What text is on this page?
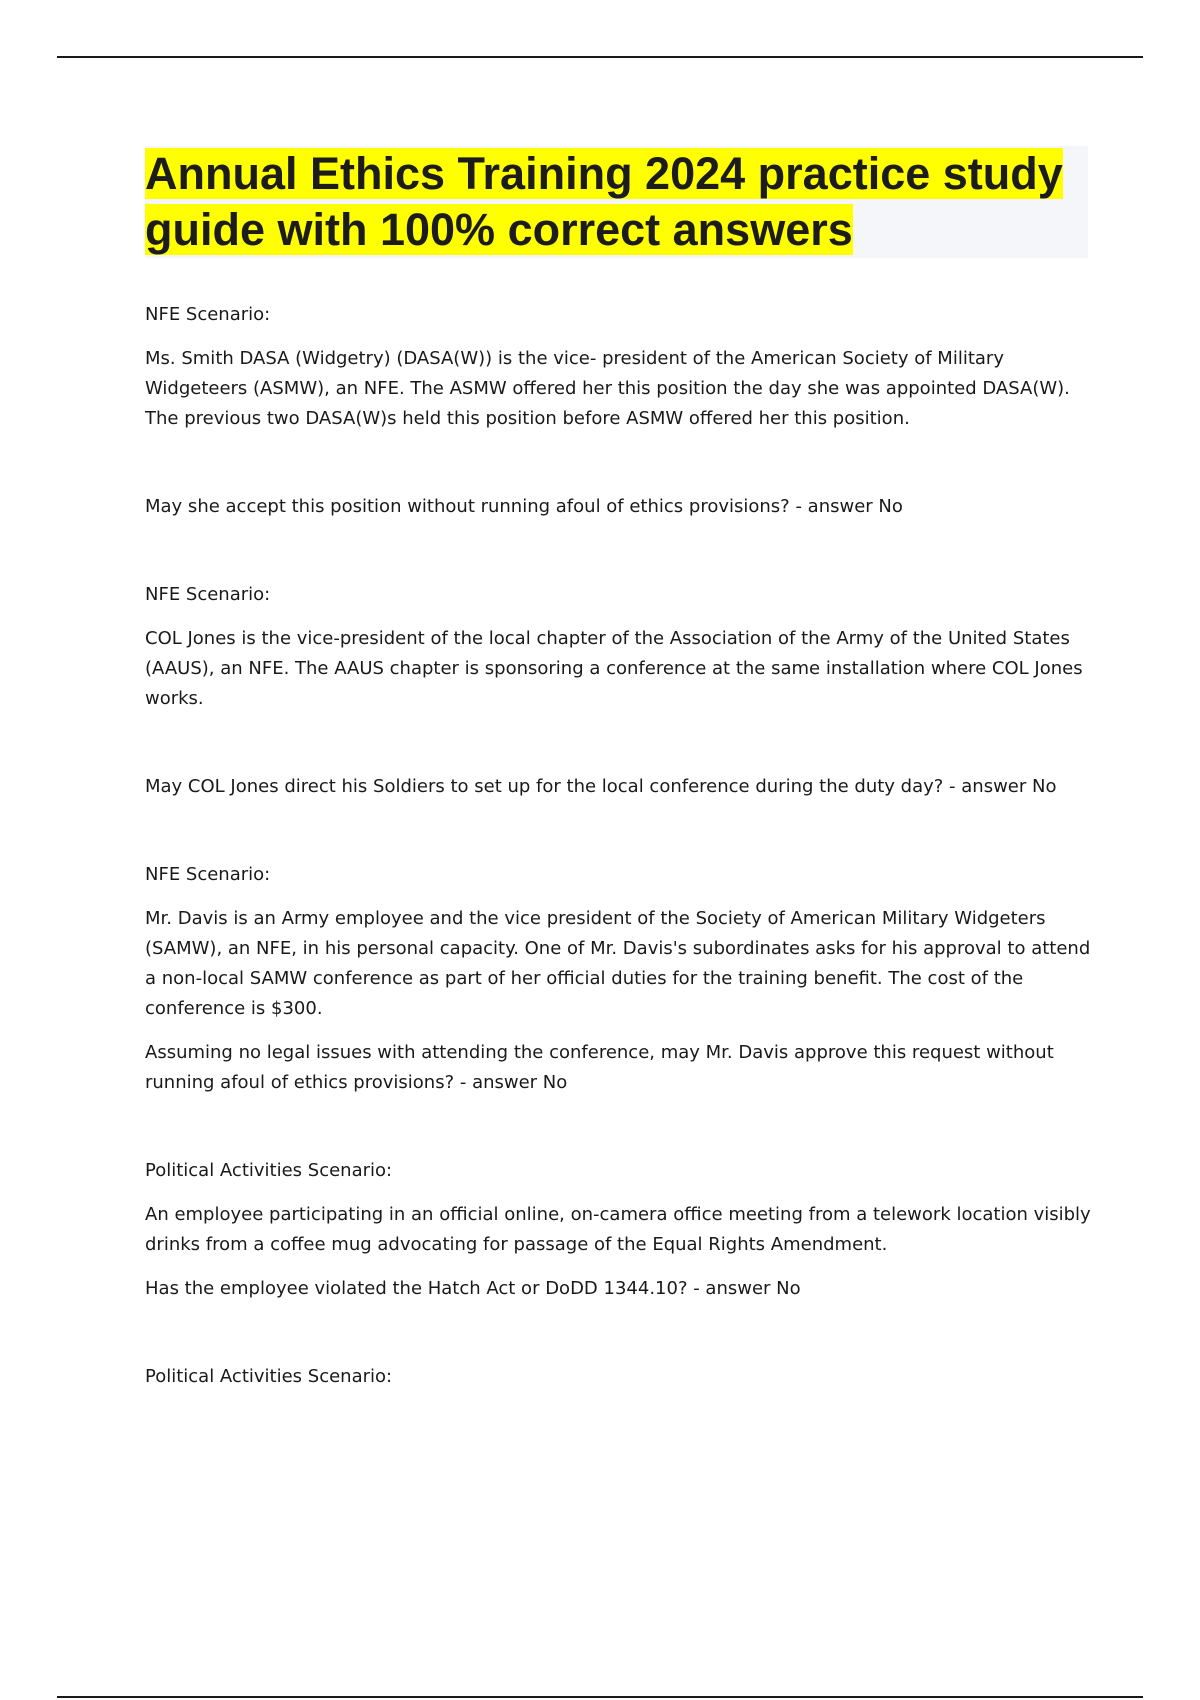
Annual Ethics Training 2024 practice study guide with 100% correct answers

NFE Scenario:

Ms. Smith DASA (Widgetry) (DASA(W)) is the vice- president of the American Society of Military Widgeteers (ASMW), an NFE. The ASMW offered her this position the day she was appointed DASA(W). The previous two DASA(W)s held this position before ASMW offered her this position.

May she accept this position without running afoul of ethics provisions? - answer No

NFE Scenario:

COL Jones is the vice-president of the local chapter of the Association of the Army of the United States (AAUS), an NFE. The AAUS chapter is sponsoring a conference at the same installation where COL Jones works.

May COL Jones direct his Soldiers to set up for the local conference during the duty day? - answer No

NFE Scenario:

Mr. Davis is an Army employee and the vice president of the Society of American Military Widgeters (SAMW), an NFE, in his personal capacity. One of Mr. Davis's subordinates asks for his approval to attend a non-local SAMW conference as part of her official duties for the training benefit. The cost of the conference is $300.

Assuming no legal issues with attending the conference, may Mr. Davis approve this request without running afoul of ethics provisions? - answer No

Political Activities Scenario:

An employee participating in an official online, on-camera office meeting from a telework location visibly drinks from a coffee mug advocating for passage of the Equal Rights Amendment.

Has the employee violated the Hatch Act or DoDD 1344.10? - answer No

Political Activities Scenario:
